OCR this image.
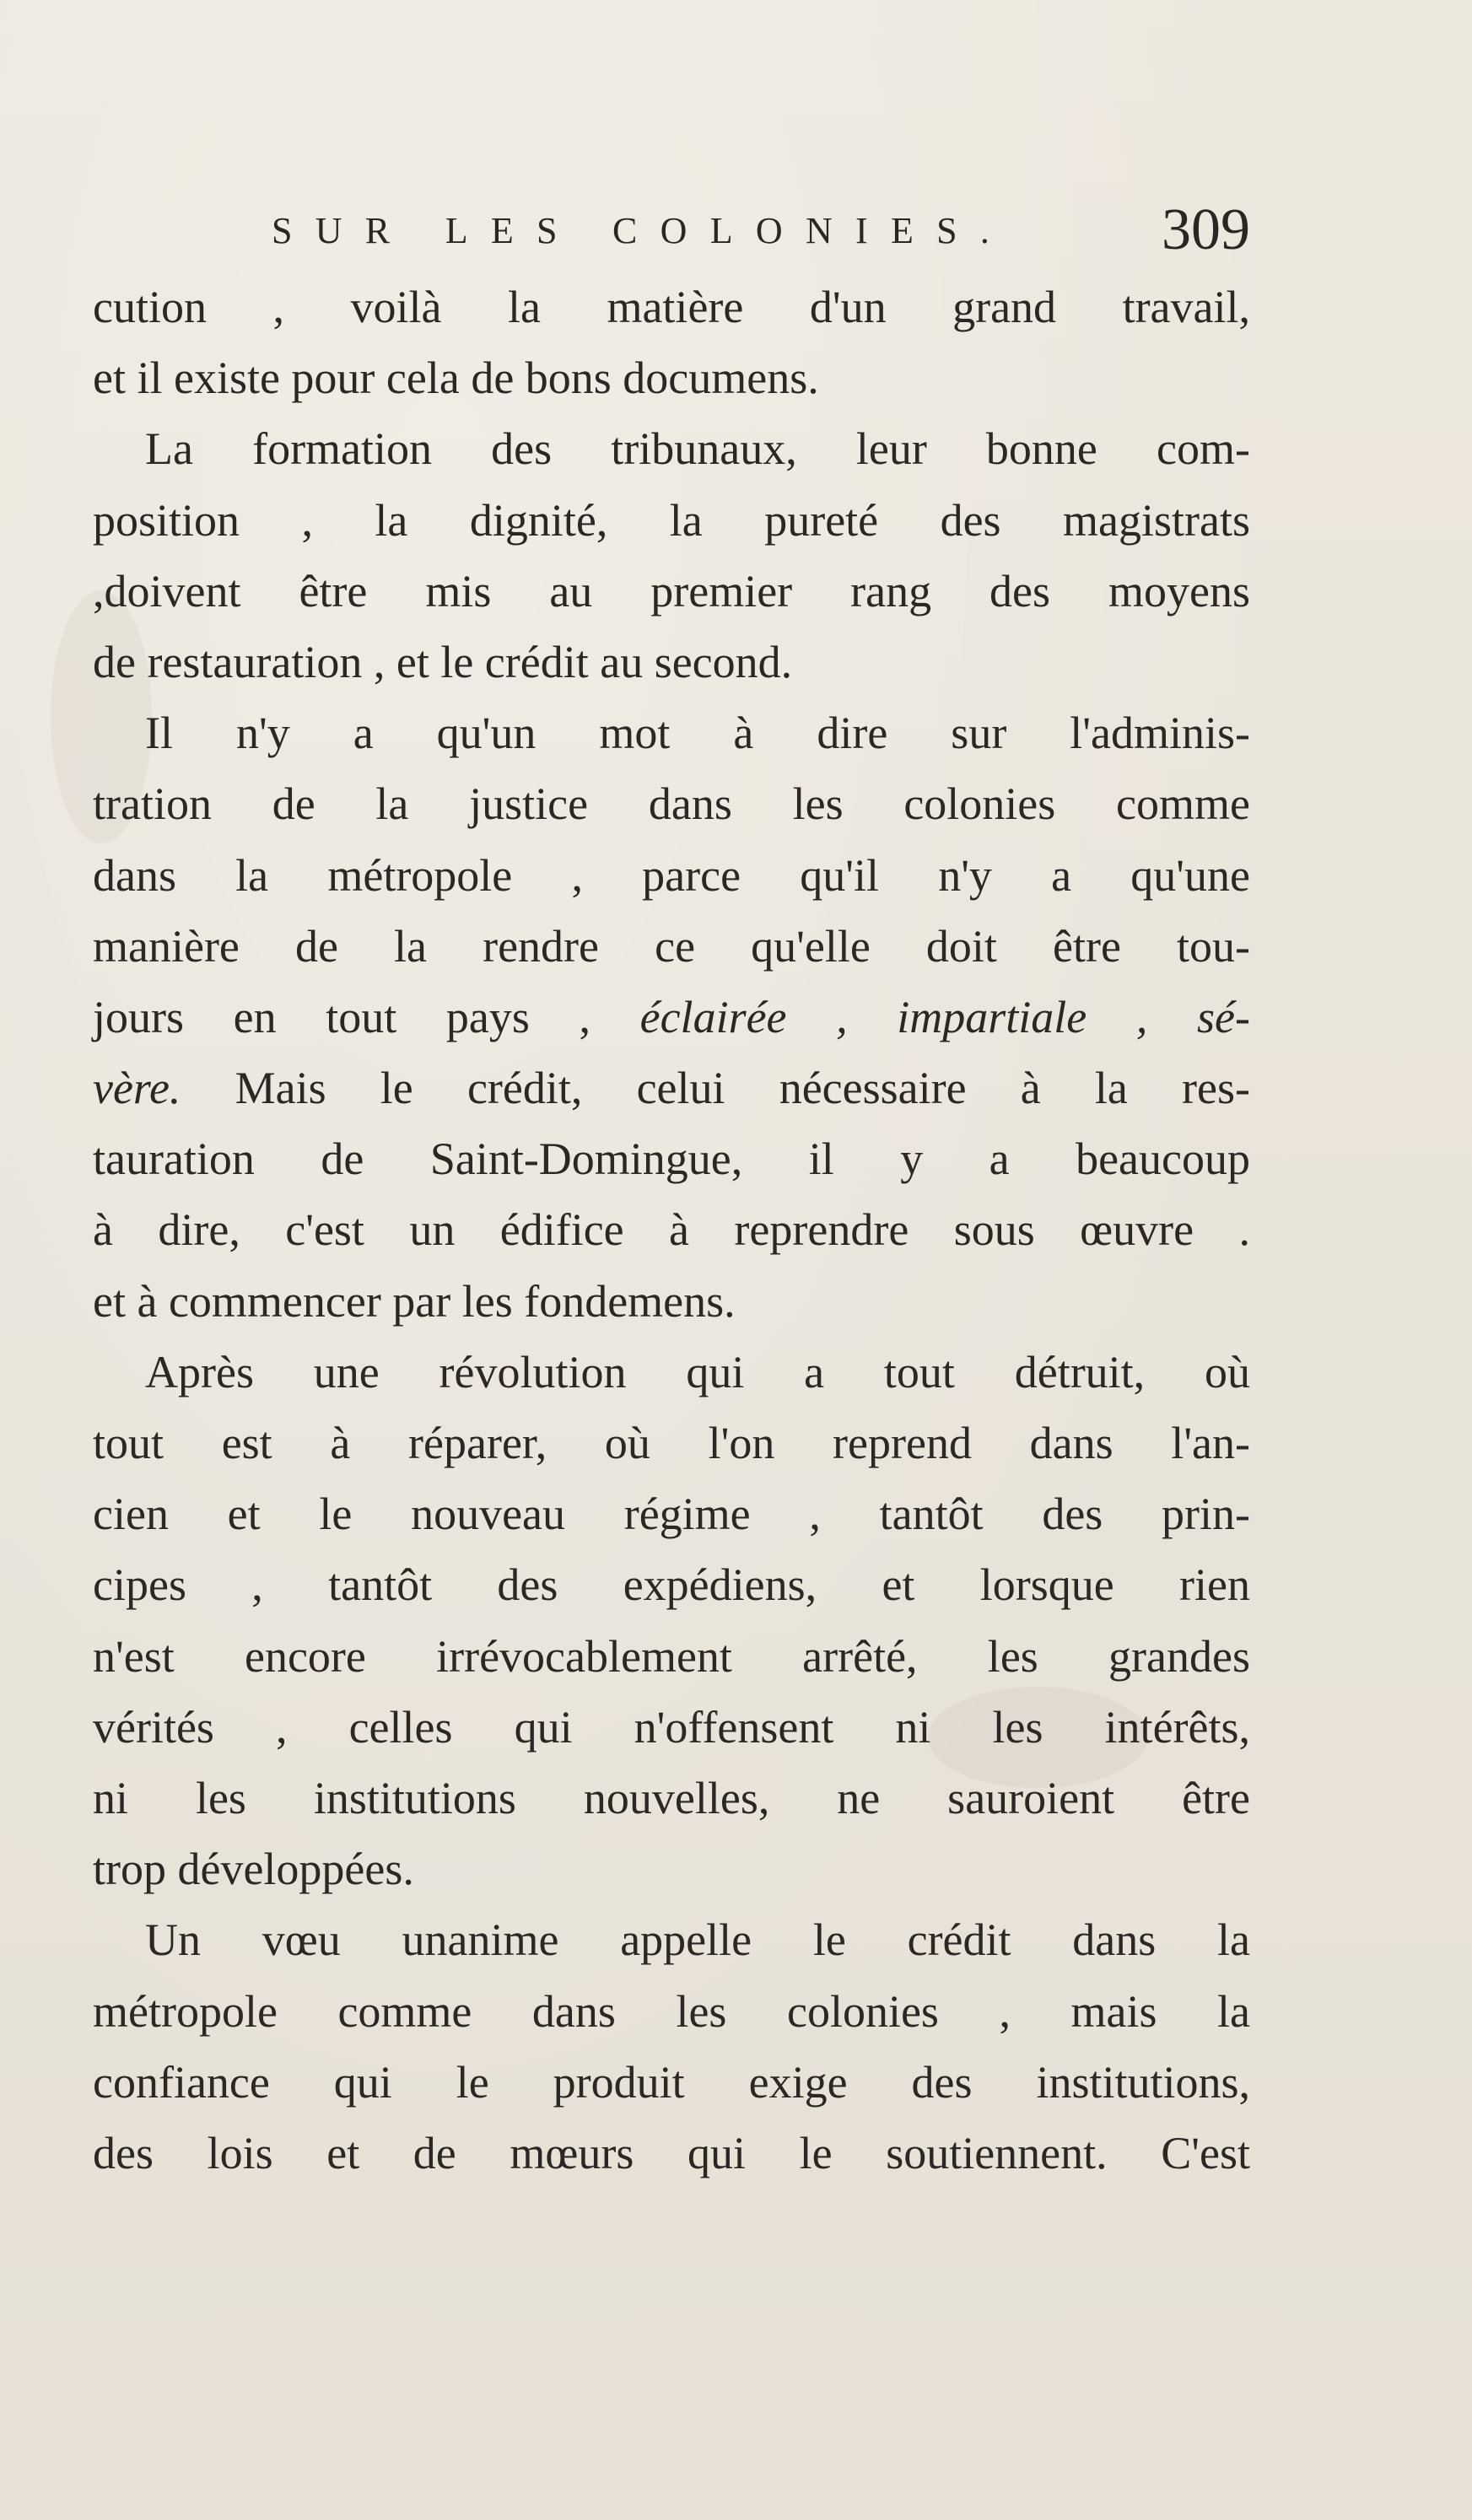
SUR LES COLONIES.	309
cution , voilà la matière d'un grand travail,
et il existe pour cela de bons documens.
La formation des tribunaux, leur bonne com-
position , la dignité, la pureté des magistrats
,doivent être mis au premier rang des moyens
de restauration , et le crédit au second.
Il n'y a qu'un mot à dire sur l'adminis-
tration de la justice dans les colonies comme
dans la métropole , parce qu'il n'y a qu'une
manière de la rendre ce qu'elle doit être tou-
jours en tout pays , éclairée , impartiale , sé-
vère. Mais le crédit, celui nécessaire à la res-
tauration de Saint-Domingue, il y a beaucoup
à dire, c'est un édifice à reprendre sous œuvre .
et à commencer par les fondemens.
Après une révolution qui a tout détruit, où
tout est à réparer, où l'on reprend dans l'an-
cien et le nouveau régime , tantôt des prin-
cipes , tantôt des expédiens, et lorsque rien
n'est encore irrévocablement arrêté, les grandes
vérités , celles qui n'offensent ni les intérêts,
ni les institutions nouvelles, ne sauroient être
trop développées.
Un vœu unanime appelle le crédit dans la
métropole comme dans les colonies , mais la
confiance qui le produit exige des institutions,
des lois et de mœurs qui le soutiennent. C'est
